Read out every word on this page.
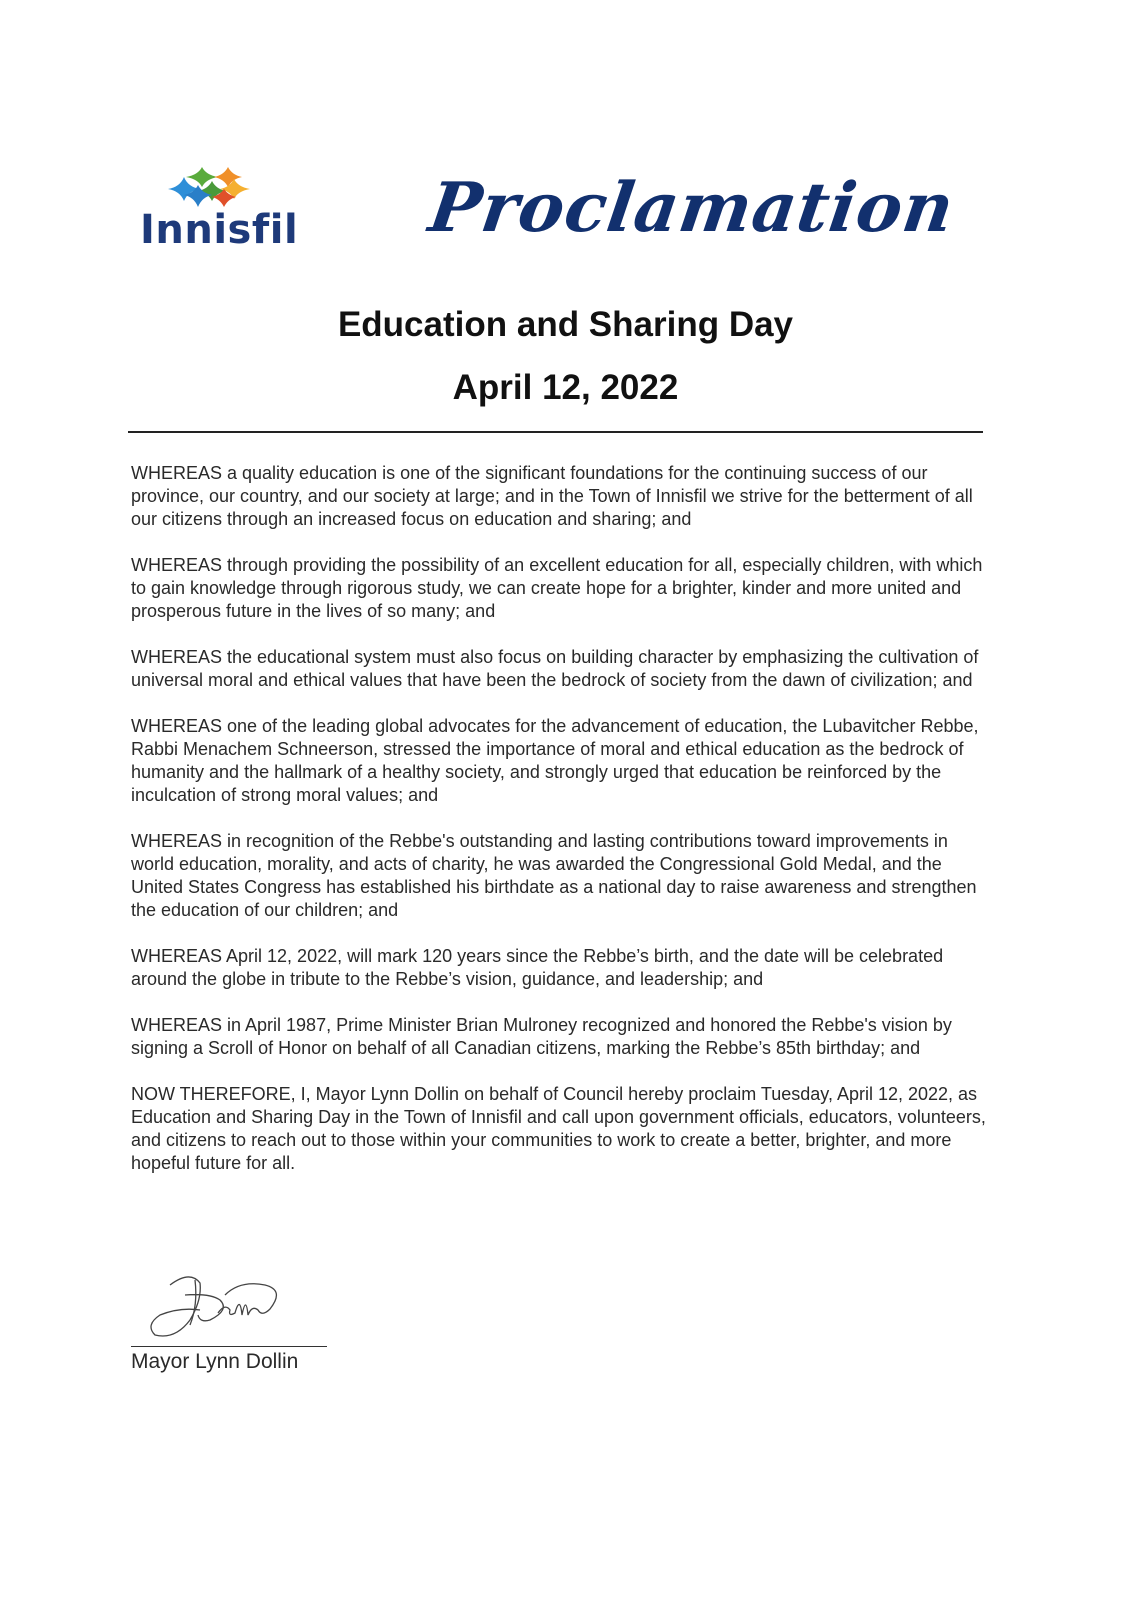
Innisfil Proclamation
Education and Sharing Day
April 12, 2022

WHEREAS a quality education is one of the significant foundations for the continuing success of our province, our country, and our society at large; and in the Town of Innisfil we strive for the betterment of all our citizens through an increased focus on education and sharing; and

WHEREAS through providing the possibility of an excellent education for all, especially children, with which to gain knowledge through rigorous study, we can create hope for a brighter, kinder and more united and prosperous future in the lives of so many; and

WHEREAS the educational system must also focus on building character by emphasizing the cultivation of universal moral and ethical values that have been the bedrock of society from the dawn of civilization; and

WHEREAS one of the leading global advocates for the advancement of education, the Lubavitcher Rebbe, Rabbi Menachem Schneerson, stressed the importance of moral and ethical education as the bedrock of humanity and the hallmark of a healthy society, and strongly urged that education be reinforced by the inculcation of strong moral values; and

WHEREAS in recognition of the Rebbe's outstanding and lasting contributions toward improvements in world education, morality, and acts of charity, he was awarded the Congressional Gold Medal, and the United States Congress has established his birthdate as a national day to raise awareness and strengthen the education of our children; and

WHEREAS April 12, 2022, will mark 120 years since the Rebbe’s birth, and the date will be celebrated around the globe in tribute to the Rebbe’s vision, guidance, and leadership; and

WHEREAS in April 1987, Prime Minister Brian Mulroney recognized and honored the Rebbe's vision by signing a Scroll of Honor on behalf of all Canadian citizens, marking the Rebbe’s 85th birthday; and

NOW THEREFORE, I, Mayor Lynn Dollin on behalf of Council hereby proclaim Tuesday, April 12, 2022, as Education and Sharing Day in the Town of Innisfil and call upon government officials, educators, volunteers, and citizens to reach out to those within your communities to work to create a better, brighter, and more hopeful future for all.

Mayor Lynn Dollin
